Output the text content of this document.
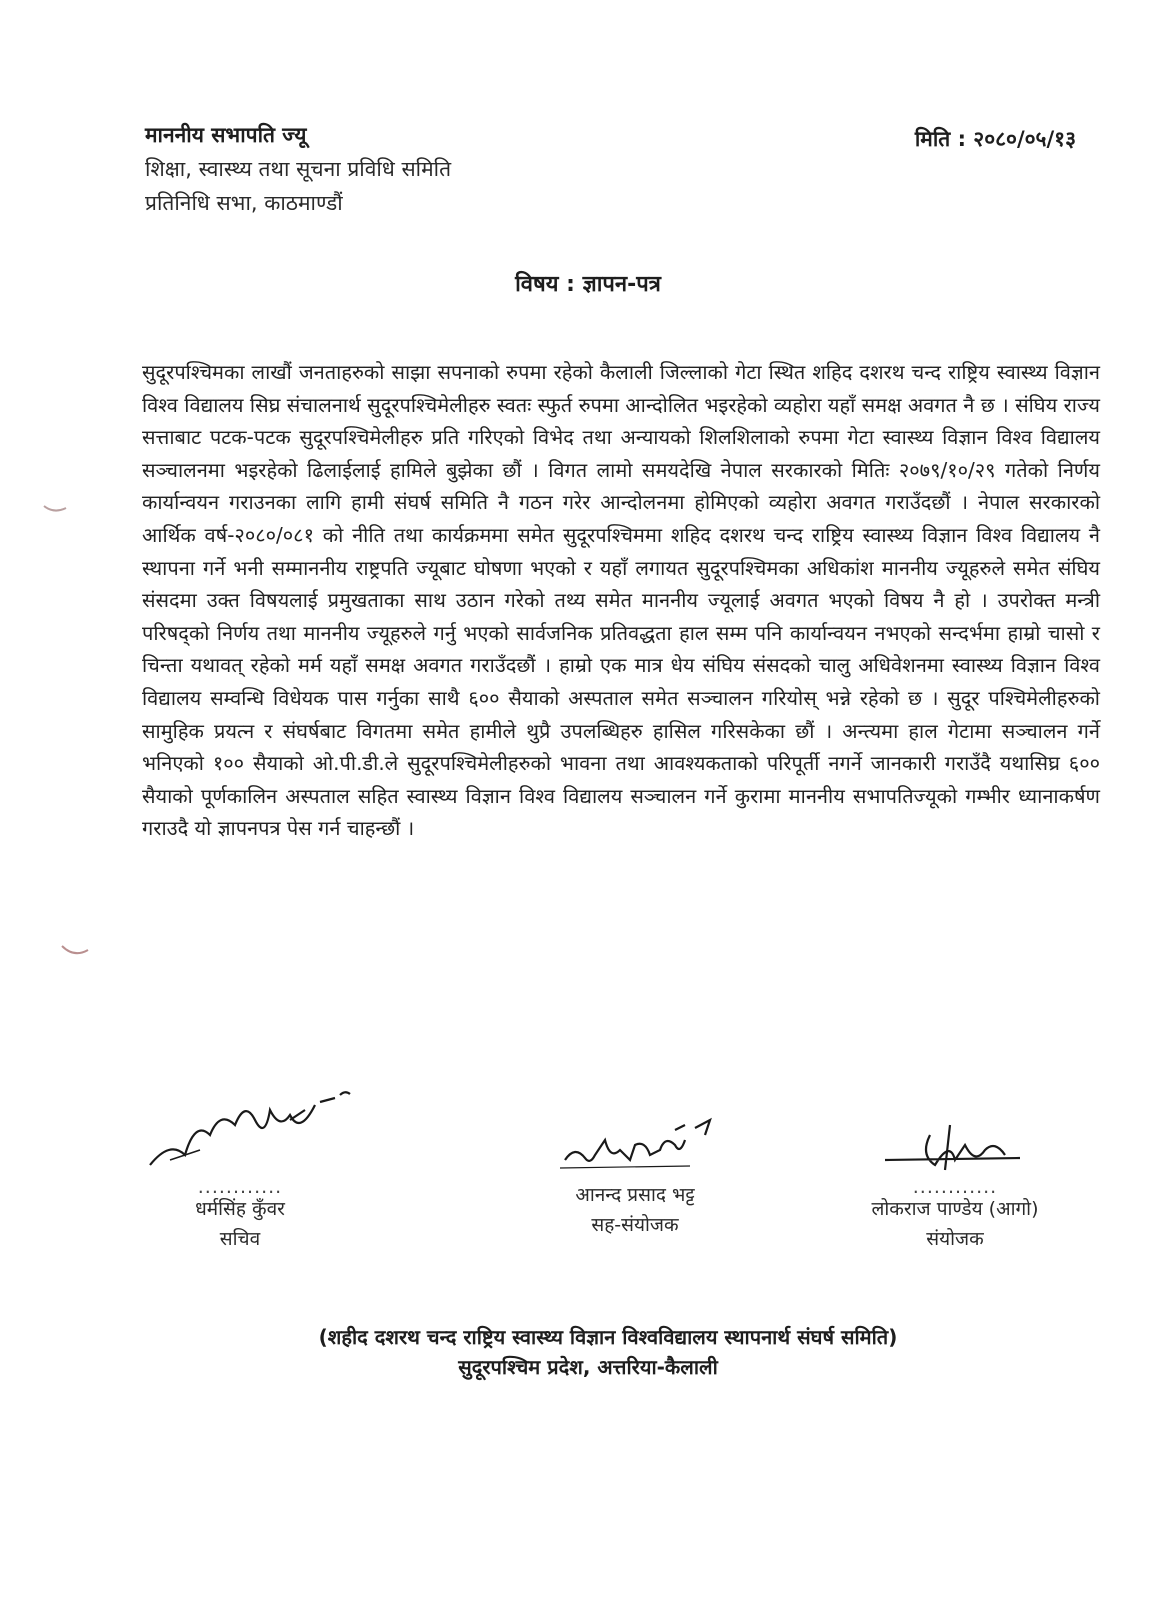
माननीय सभापति ज्यू
शिक्षा, स्वास्थ्य तथा सूचना प्रविधि समिति
प्रतिनिधि सभा, काठमाण्डौं
मिति : २०८०/०५/१३
विषय : ज्ञापन-पत्र
सुदूरपश्चिमका लाखौं जनताहरुको साझा सपनाको रुपमा रहेको कैलाली जिल्लाको गेटा स्थित शहिद दशरथ चन्द राष्ट्रिय स्वास्थ्य विज्ञान विश्व विद्यालय सिघ्र संचालनार्थ सुदूरपश्चिमेलीहरु स्वतः स्फुर्त रुपमा आन्दोलित भइरहेको व्यहोरा यहाँ समक्ष अवगत नै छ । संघिय राज्य सत्ताबाट पटक-पटक सुदूरपश्चिमेलीहरु प्रति गरिएको विभेद तथा अन्यायको शिलशिलाको रुपमा गेटा स्वास्थ्य विज्ञान विश्व विद्यालय सञ्चालनमा भइरहेको ढिलाईलाई हामिले बुझेका छौं । विगत लामो समयदेखि नेपाल सरकारको मितिः २०७९/१०/२९ गतेको निर्णय कार्यान्वयन गराउनका लागि हामी संघर्ष समिति नै गठन गरेर आन्दोलनमा होमिएको व्यहोरा अवगत गराउँदछौं । नेपाल सरकारको आर्थिक वर्ष-२०८०/०८१ को नीति तथा कार्यक्रममा समेत सुदूरपश्चिममा शहिद दशरथ चन्द राष्ट्रिय स्वास्थ्य विज्ञान विश्व विद्यालय नै स्थापना गर्ने भनी सम्माननीय राष्ट्रपति ज्यूबाट घोषणा भएको र यहाँ लगायत सुदूरपश्चिमका अधिकांश माननीय ज्यूहरुले समेत संघिय संसदमा उक्त विषयलाई प्रमुखताका साथ उठान गरेको तथ्य समेत माननीय ज्यूलाई अवगत भएको विषय नै हो । उपरोक्त मन्त्री परिषद्को निर्णय तथा माननीय ज्यूहरुले गर्नु भएको सार्वजनिक प्रतिवद्धता हाल सम्म पनि कार्यान्वयन नभएको सन्दर्भमा हाम्रो चासो र चिन्ता यथावत् रहेको मर्म यहाँ समक्ष अवगत गराउँदछौं । हाम्रो एक मात्र धेय संघिय संसदको चालु अधिवेशनमा स्वास्थ्य विज्ञान विश्व विद्यालय सम्वन्धि विधेयक पास गर्नुका साथै ६०० सैयाको अस्पताल समेत सञ्चालन गरियोस् भन्ने रहेको छ । सुदूर पश्चिमेलीहरुको सामुहिक प्रयत्न र संघर्षबाट विगतमा समेत हामीले थुप्रै उपलब्धिहरु हासिल गरिसकेका छौं । अन्त्यमा हाल गेटामा सञ्चालन गर्ने भनिएको १०० सैयाको ओ.पी.डी.ले सुदूरपश्चिमेलीहरुको भावना तथा आवश्यकताको परिपूर्ती नगर्ने जानकारी गराउँदै यथासिघ्र ६०० सैयाको पूर्णकालिन अस्पताल सहित स्वास्थ्य विज्ञान विश्व विद्यालय सञ्चालन गर्ने कुरामा माननीय सभापतिज्यूको गम्भीर ध्यानाकर्षण गराउदै यो ज्ञापनपत्र पेस गर्न चाहन्छौं ।
............
धर्मसिंह कुँवर
सचिव
आनन्द प्रसाद भट्ट
सह-संयोजक
............
लोकराज पाण्डेय (आगो)
संयोजक
(शहीद दशरथ चन्द राष्ट्रिय स्वास्थ्य विज्ञान विश्वविद्यालय स्थापनार्थ संघर्ष समिति)
सुदूरपश्चिम प्रदेश, अत्तरिया-कैलाली
